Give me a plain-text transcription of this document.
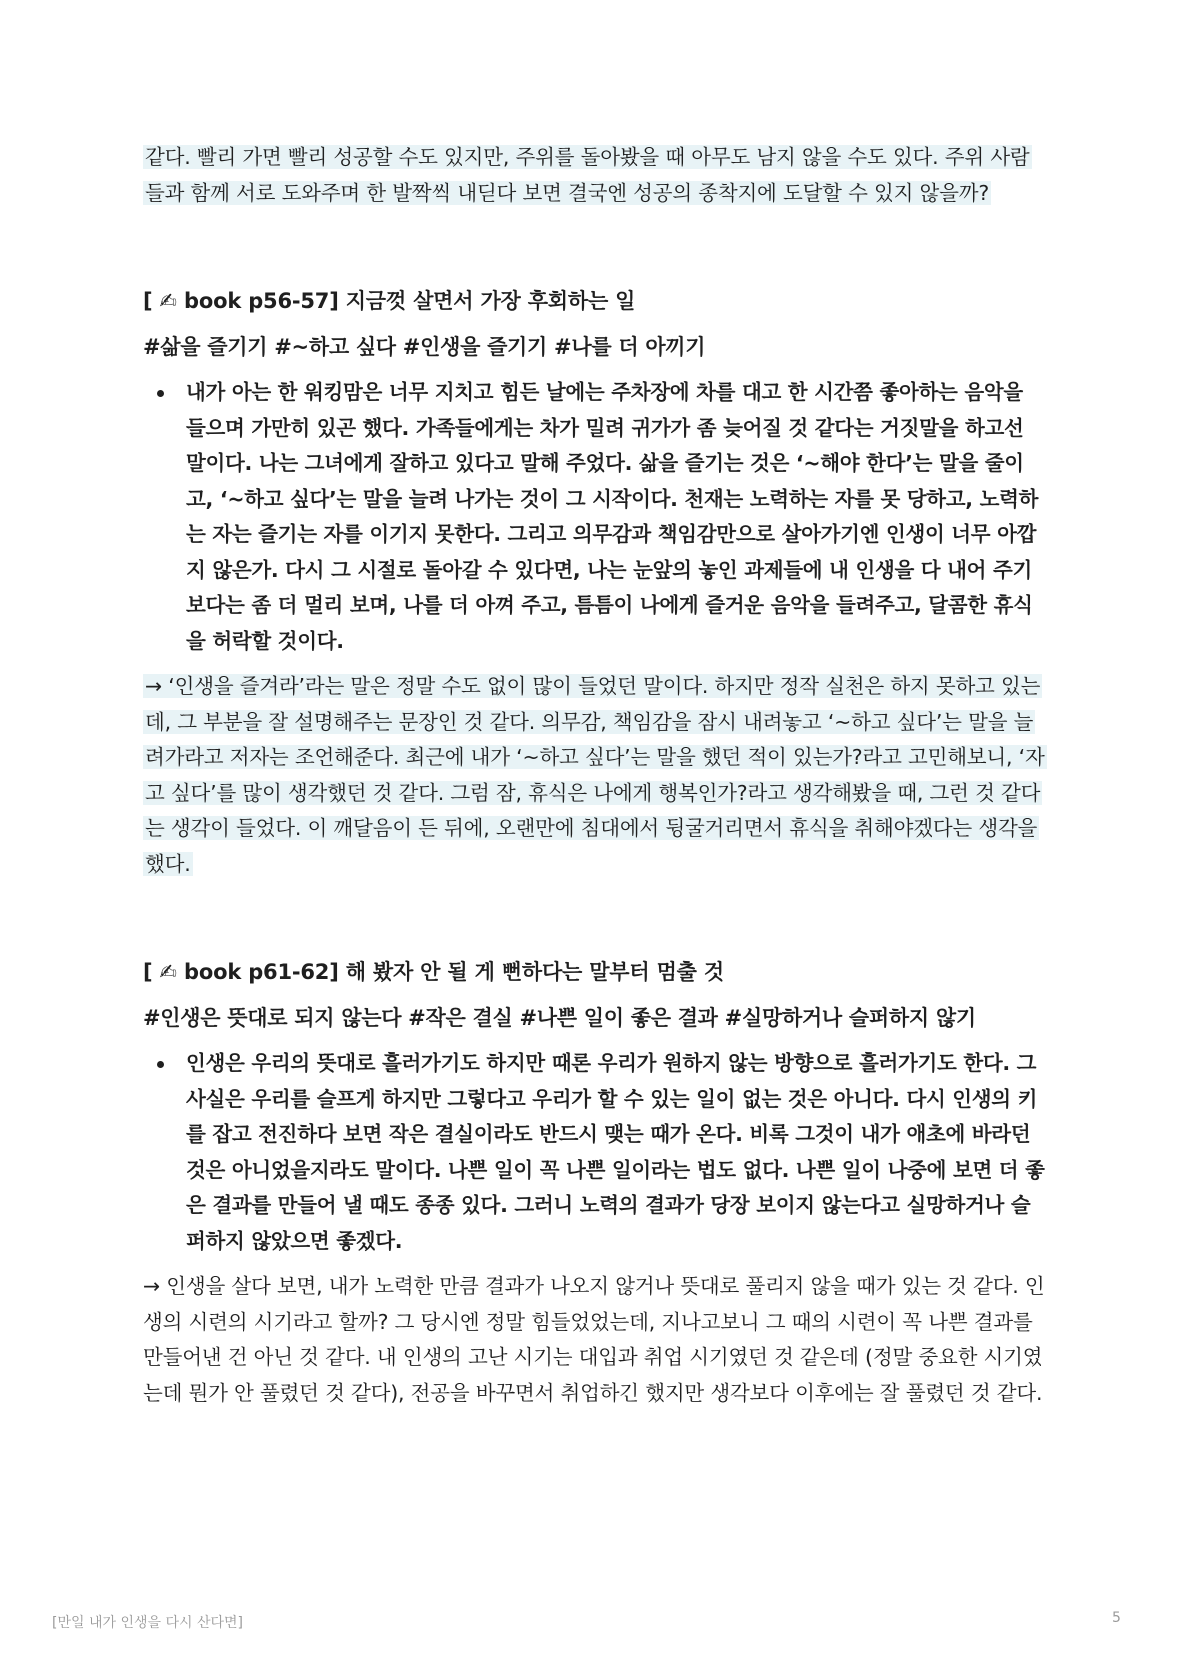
같다. 빨리 가면 빨리 성공할 수도 있지만, 주위를 돌아봤을 때 아무도 남지 않을 수도 있다. 주위 사람들과 함께 서로 도와주며 한 발짝씩 내딛다 보면 결국엔 성공의 종착지에 도달할 수 있지 않을까?

[ ✍ book p56-57] 지금껏 살면서 가장 후회하는 일
#삶을 즐기기 #~하고 싶다 #인생을 즐기기 #나를 더 아끼기
내가 아는 한 워킹맘은 너무 지치고 힘든 날에는 주차장에 차를 대고 한 시간쯤 좋아하는 음악을 들으며 가만히 있곤 했다. 가족들에게는 차가 밀려 귀가가 좀 늦어질 것 같다는 거짓말을 하고선 말이다. 나는 그녀에게 잘하고 있다고 말해 주었다. 삶을 즐기는 것은 ‘~해야 한다’는 말을 줄이고, ‘~하고 싶다’는 말을 늘려 나가는 것이 그 시작이다. 천재는 노력하는 자를 못 당하고, 노력하는 자는 즐기는 자를 이기지 못한다. 그리고 의무감과 책임감만으로 살아가기엔 인생이 너무 아깝지 않은가. 다시 그 시절로 돌아갈 수 있다면, 나는 눈앞의 놓인 과제들에 내 인생을 다 내어 주기보다는 좀 더 멀리 보며, 나를 더 아껴 주고, 틈틈이 나에게 즐거운 음악을 들려주고, 달콤한 휴식을 허락할 것이다.

→ ‘인생을 즐겨라’라는 말은 정말 수도 없이 많이 들었던 말이다. 하지만 정작 실천은 하지 못하고 있는데, 그 부분을 잘 설명해주는 문장인 것 같다. 의무감, 책임감을 잠시 내려놓고 ‘~하고 싶다’는 말을 늘려가라고 저자는 조언해준다. 최근에 내가 ‘~하고 싶다’는 말을 했던 적이 있는가?라고 고민해보니, ‘자고 싶다’를 많이 생각했던 것 같다. 그럼 잠, 휴식은 나에게 행복인가?라고 생각해봤을 때, 그런 것 같다는 생각이 들었다. 이 깨달음이 든 뒤에, 오랜만에 침대에서 뒹굴거리면서 휴식을 취해야겠다는 생각을 했다.

[ ✍ book p61-62] 해 봤자 안 될 게 뻔하다는 말부터 멈출 것
#인생은 뜻대로 되지 않는다 #작은 결실 #나쁜 일이 좋은 결과 #실망하거나 슬퍼하지 않기
인생은 우리의 뜻대로 흘러가기도 하지만 때론 우리가 원하지 않는 방향으로 흘러가기도 한다. 그 사실은 우리를 슬프게 하지만 그렇다고 우리가 할 수 있는 일이 없는 것은 아니다. 다시 인생의 키를 잡고 전진하다 보면 작은 결실이라도 반드시 맺는 때가 온다. 비록 그것이 내가 애초에 바라던 것은 아니었을지라도 말이다. 나쁜 일이 꼭 나쁜 일이라는 법도 없다. 나쁜 일이 나중에 보면 더 좋은 결과를 만들어 낼 때도 종종 있다. 그러니 노력의 결과가 당장 보이지 않는다고 실망하거나 슬퍼하지 않았으면 좋겠다.

→ 인생을 살다 보면, 내가 노력한 만큼 결과가 나오지 않거나 뜻대로 풀리지 않을 때가 있는 것 같다. 인생의 시련의 시기라고 할까? 그 당시엔 정말 힘들었었는데, 지나고보니 그 때의 시련이 꼭 나쁜 결과를 만들어낸 건 아닌 것 같다. 내 인생의 고난 시기는 대입과 취업 시기였던 것 같은데 (정말 중요한 시기였는데 뭔가 안 풀렸던 것 같다), 전공을 바꾸면서 취업하긴 했지만 생각보다 이후에는 잘 풀렸던 것 같다.

[만일 내가 인생을 다시 산다면]	5
